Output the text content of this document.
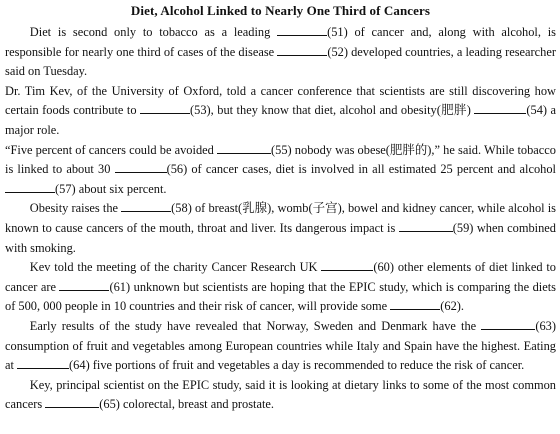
Diet, Alcohol Linked to Nearly One Third of Cancers

Diet is second only to tobacco as a leading	(51) of cancer and, along with alcohol, is responsible for nearly one third of cases of the disease	(52) developed countries, a leading researcher said on Tuesday.

Dr. Tim Kev, of the University of Oxford, told a cancer conference that scientists are still discovering how certain foods contribute to	(53), but they know that diet, alcohol and obesity(肥胖)	(54) a major role.

“Five percent of cancers could be avoided	(55) nobody was obese(肥胖的),” he said. While tobacco is linked to about 30	(56) of cancer cases, diet is involved in all estimated 25 percent and alcohol (57) about six percent.

Obesity raises the	(58) of breast(乳腺), womb(子宫), bowel and kidney cancer, while alcohol is known to cause cancers of the mouth, throat and liver. Its dangerous impact is	(59) when combined with smoking.

Kev told the meeting of the charity Cancer Research UK	(60) other elements of diet linked to cancer are	(61) unknown but scientists are hoping that the EPIC study, which is comparing the diets of 500, 000 people in 10 countries and their risk of cancer, will provide some	(62).

Early results of the study have revealed that Norway, Sweden and Denmark have the	(63) consumption of fruit and vegetables among European countries while Italy and Spain have the highest. Eating at	(64) five portions of fruit and vegetables a day is recommended to reduce the risk of cancer.

Key, principal scientist on the EPIC study, said it is looking at dietary links to some of the most common cancers	(65) colorectal, breast and prostate.
